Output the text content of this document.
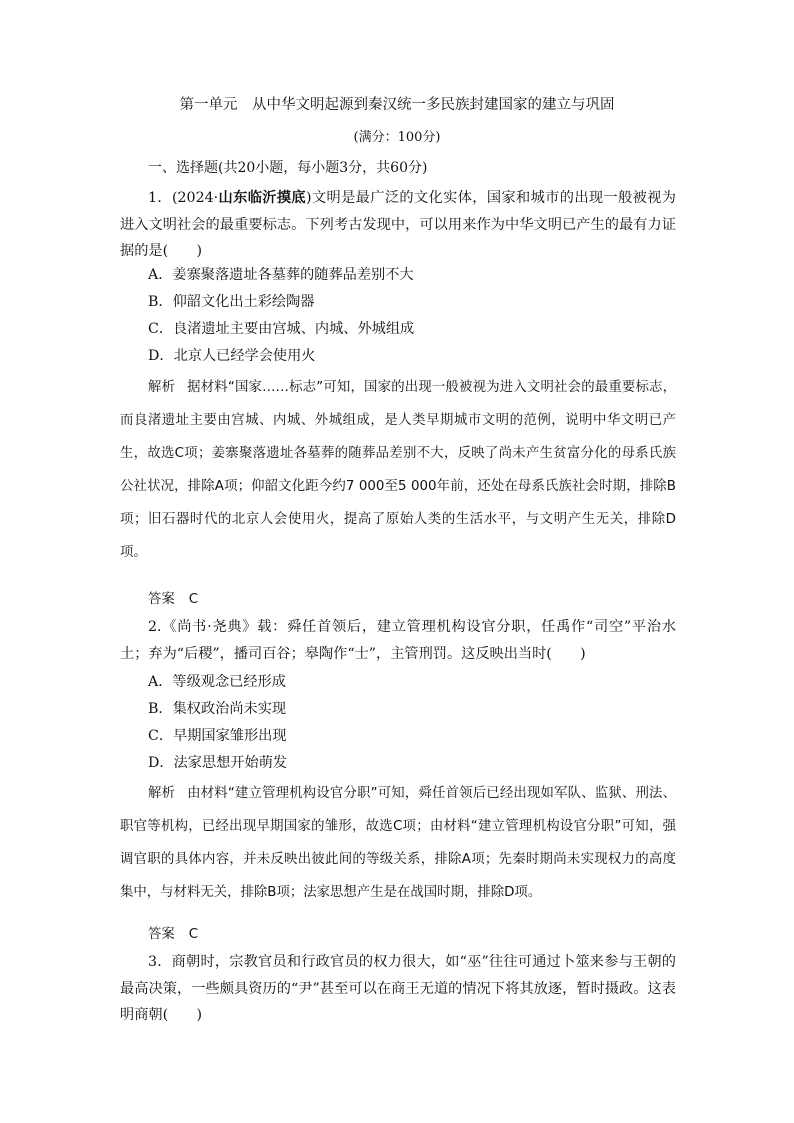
第一单元　从中华文明起源到秦汉统一多民族封建国家的建立与巩固
(满分：100分)
一、选择题(共20小题，每小题3分，共60分)

1．(2024·山东临沂摸底)文明是最广泛的文化实体，国家和城市的出现一般被视为进入文明社会的最重要标志。下列考古发现中，可以用来作为中华文明已产生的最有力证据的是(　　)

A．姜寨聚落遗址各墓葬的随葬品差别不大
B．仰韶文化出土彩绘陶器
C．良渚遗址主要由宫城、内城、外城组成
D．北京人已经学会使用火

解析 据材料“国家……标志”可知，国家的出现一般被视为进入文明社会的最重要标志，而良渚遗址主要由宫城、内城、外城组成，是人类早期城市文明的范例，说明中华文明已产生，故选C项；姜寨聚落遗址各墓葬的随葬品差别不大，反映了尚未产生贫富分化的母系氏族公社状况，排除A项；仰韶文化距今约7 000至5 000年前，还处在母系氏族社会时期，排除B项；旧石器时代的北京人会使用火，提高了原始人类的生活水平，与文明产生无关，排除D项。

答案 C

2.《尚书·尧典》载：舜任首领后，建立管理机构设官分职，任禹作“司空”平治水土；弃为“后稷”，播司百谷；皋陶作“士”，主管刑罚。这反映出当时(　　)

A．等级观念已经形成
B．集权政治尚未实现
C．早期国家雏形出现
D．法家思想开始萌发

解析 由材料“建立管理机构设官分职”可知，舜任首领后已经出现如军队、监狱、刑法、职官等机构，已经出现早期国家的雏形，故选C项；由材料“建立管理机构设官分职”可知，强调官职的具体内容，并未反映出彼此间的等级关系，排除A项；先秦时期尚未实现权力的高度集中，与材料无关，排除B项；法家思想产生是在战国时期，排除D项。

答案 C

3．商朝时，宗教官员和行政官员的权力很大，如“巫”往往可通过卜筮来参与王朝的最高决策，一些颇具资历的“尹”甚至可以在商王无道的情况下将其放逐，暂时摄政。这表明商朝(　　)
